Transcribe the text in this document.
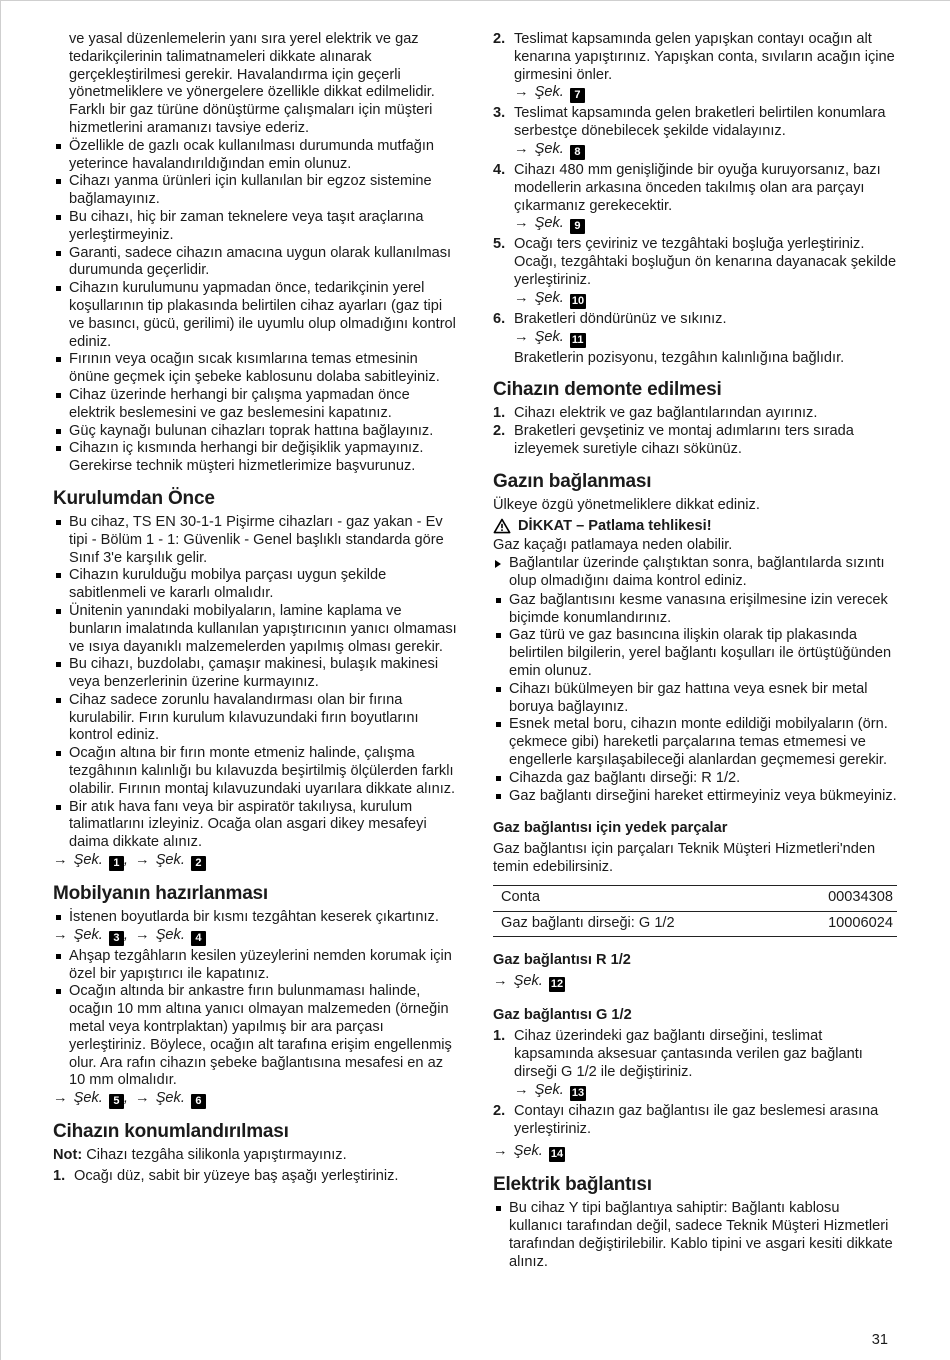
ve yasal düzenlemelerin yanı sıra yerel elektrik ve gaz tedarikçilerinin talimatnameleri dikkate alınarak gerçekleştirilmesi gerekir. Havalandırma için geçerli yönetmeliklere ve yönergelere özellikle dikkat edilmelidir. Farklı bir gaz türüne dönüştürme çalışmaları için müşteri hizmetlerini aramanızı tavsiye ederiz.

Özellikle de gazlı ocak kullanılması durumunda mutfağın yeterince havalandırıldığından emin olunuz.
Cihazı yanma ürünleri için kullanılan bir egzoz sistemine bağlamayınız.
Bu cihazı, hiç bir zaman teknelere veya taşıt araçlarına yerleştirmeyiniz.
Garanti, sadece cihazın amacına uygun olarak kullanılması durumunda geçerlidir.
Cihazın kurulumunu yapmadan önce, tedarikçinin yerel koşullarının tip plakasında belirtilen cihaz ayarları (gaz tipi ve basıncı, gücü, gerilimi) ile uyumlu olup olmadığını kontrol ediniz.
Fırının veya ocağın sıcak kısımlarına temas etmesinin önüne geçmek için şebeke kablosunu dolaba sabitleyiniz.
Cihaz üzerinde herhangi bir çalışma yapmadan önce elektrik beslemesini ve gaz beslemesini kapatınız.
Güç kaynağı bulunan cihazları toprak hattına bağlayınız.
Cihazın iç kısmında herhangi bir değişiklik yapmayınız. Gerekirse technik müşteri hizmetlerimize başvurunuz.
Kurulumdan Önce
Bu cihaz, TS EN 30-1-1 Pişirme cihazları - gaz yakan - Ev tipi - Bölüm 1 - 1: Güvenlik - Genel başlıklı standarda göre Sınıf 3'e karşılık gelir.
Cihazın kurulduğu mobilya parçası uygun şekilde sabitlenmeli ve kararlı olmalıdır.
Ünitenin yanındaki mobilyaların, lamine kaplama ve bunların imalatında kullanılan yapıştırıcının yanıcı olmaması ve ısıya dayanıklı malzemelerden yapılmış olması gerekir.
Bu cihazı, buzdolabı, çamaşır makinesi, bulaşık makinesi veya benzerlerinin üzerine kurmayınız.
Cihaz sadece zorunlu havalandırması olan bir fırına kurulabilir. Fırın kurulum kılavuzundaki fırın boyutlarını kontrol ediniz.
Ocağın altına bir fırın monte etmeniz halinde, çalışma tezgâhının kalınlığı bu kılavuzda beşirtilmiş ölçülerden farklı olabilir. Fırının montaj kılavuzundaki uyarılara dikkate alınız.
Bir atık hava fanı veya bir aspiratör takılıysa, kurulum talimatlarını izleyiniz. Ocağa olan asgari dikey mesafeyi daima dikkate alınız.

→ Şek. 1 , → Şek. 2

Mobilyanın hazırlanması
İstenen boyutlarda bir kısmı tezgâhtan keserek çıkartınız.

→ Şek. 3 , → Şek. 4

Ahşap tezgâhların kesilen yüzeylerini nemden korumak için özel bir yapıştırıcı ile kapatınız.
Ocağın altında bir ankastre fırın bulunmaması halinde, ocağın 10 mm altına yanıcı olmayan malzemeden (örneğin metal veya kontrplaktan) yapılmış bir ara parçası yerleştiriniz. Böylece, ocağın alt tarafına erişim engellenmiş olur. Ara rafın cihazın şebeke bağlantısına mesafesi en az 10 mm olmalıdır.

→ Şek. 5 , → Şek. 6

Cihazın konumlandırılması

Not: Cihazı tezgâha silikonla yapıştırmayınız.

1. Ocağı düz, sabit bir yüzeye baş aşağı yerleştiriniz.
2. Teslimat kapsamında gelen yapışkan contayı ocağın alt kenarına yapıştırınız. Yapışkan conta, sıvıların acağın içine girmesini önler.

→ Şek. 7

3. Teslimat kapsamında gelen braketleri belirtilen konumlara serbestçe dönebilecek şekilde vidalayınız.

→ Şek. 8

4. Cihazı 480 mm genişliğinde bir oyuğa kuruyorsanız, bazı modellerin arkasına önceden takılmış olan ara parçayı çıkarmanız gerekecektir.

→ Şek. 9

5. Ocağı ters çeviriniz ve tezgâhtaki boşluğa yerleştiriniz. Ocağı, tezgâhtaki boşluğun ön kenarına dayanacak şekilde yerleştiriniz.

→ Şek. 10

6. Braketleri döndürünüz ve sıkınız.

→ Şek. 11

Braketlerin pozisyonu, tezgâhın kalınlığına bağlıdır.

Cihazın demonte edilmesi
1. Cihazı elektrik ve gaz bağlantılarından ayırınız.
2. Braketleri gevşetiniz ve montaj adımlarını ters sırada izleyemek suretiyle cihazı sökünüz.
Gazın bağlanması

Ülkeye özgü yönetmeliklere dikkat ediniz.

DİKKAT – Patlama tehlikesi!

Gaz kaçağı patlamaya neden olabilir.

Bağlantılar üzerinde çalıştıktan sonra, bağlantılarda sızıntı olup olmadığını daima kontrol ediniz.
Gaz bağlantısını kesme vanasına erişilmesine izin verecek biçimde konumlandırınız.
Gaz türü ve gaz basıncına ilişkin olarak tip plakasında belirtilen bilgilerin, yerel bağlantı koşulları ile örtüştüğünden emin olunuz.
Cihazı bükülmeyen bir gaz hattına veya esnek bir metal boruya bağlayınız.
Esnek metal boru, cihazın monte edildiği mobilyaların (örn. çekmece gibi) hareketli parçalarına temas etmemesi ve engellerle karşılaşabileceği alanlardan geçmemesi gerekir.
Cihazda gaz bağlantı dirseği: R 1/2.
Gaz bağlantı dirseğini hareket ettirmeyiniz veya bükmeyiniz.
Gaz bağlantısı için yedek parçalar

Gaz bağlantısı için parçaları Teknik Müşteri Hizmetleri'nden temin edebilirsiniz.

Conta	00034308
Gaz bağlantı dirseği: G 1/2	10006024
Gaz bağlantısı R 1/2

→ Şek. 12

Gaz bağlantısı G 1/2
1. Cihaz üzerindeki gaz bağlantı dirseğini, teslimat kapsamında aksesuar çantasında verilen gaz bağlantı dirseği G 1/2 ile değiştiriniz.

→ Şek. 13

2. Contayı cihazın gaz bağlantısı ile gaz beslemesi arasına yerleştiriniz.

→ Şek. 14

Elektrik bağlantısı
Bu cihaz Y tipi bağlantıya sahiptir: Bağlantı kablosu kullanıcı tarafından değil, sadece Teknik Müşteri Hizmetleri tarafından değiştirilebilir. Kablo tipini ve asgari kesiti dikkate alınız.
31
